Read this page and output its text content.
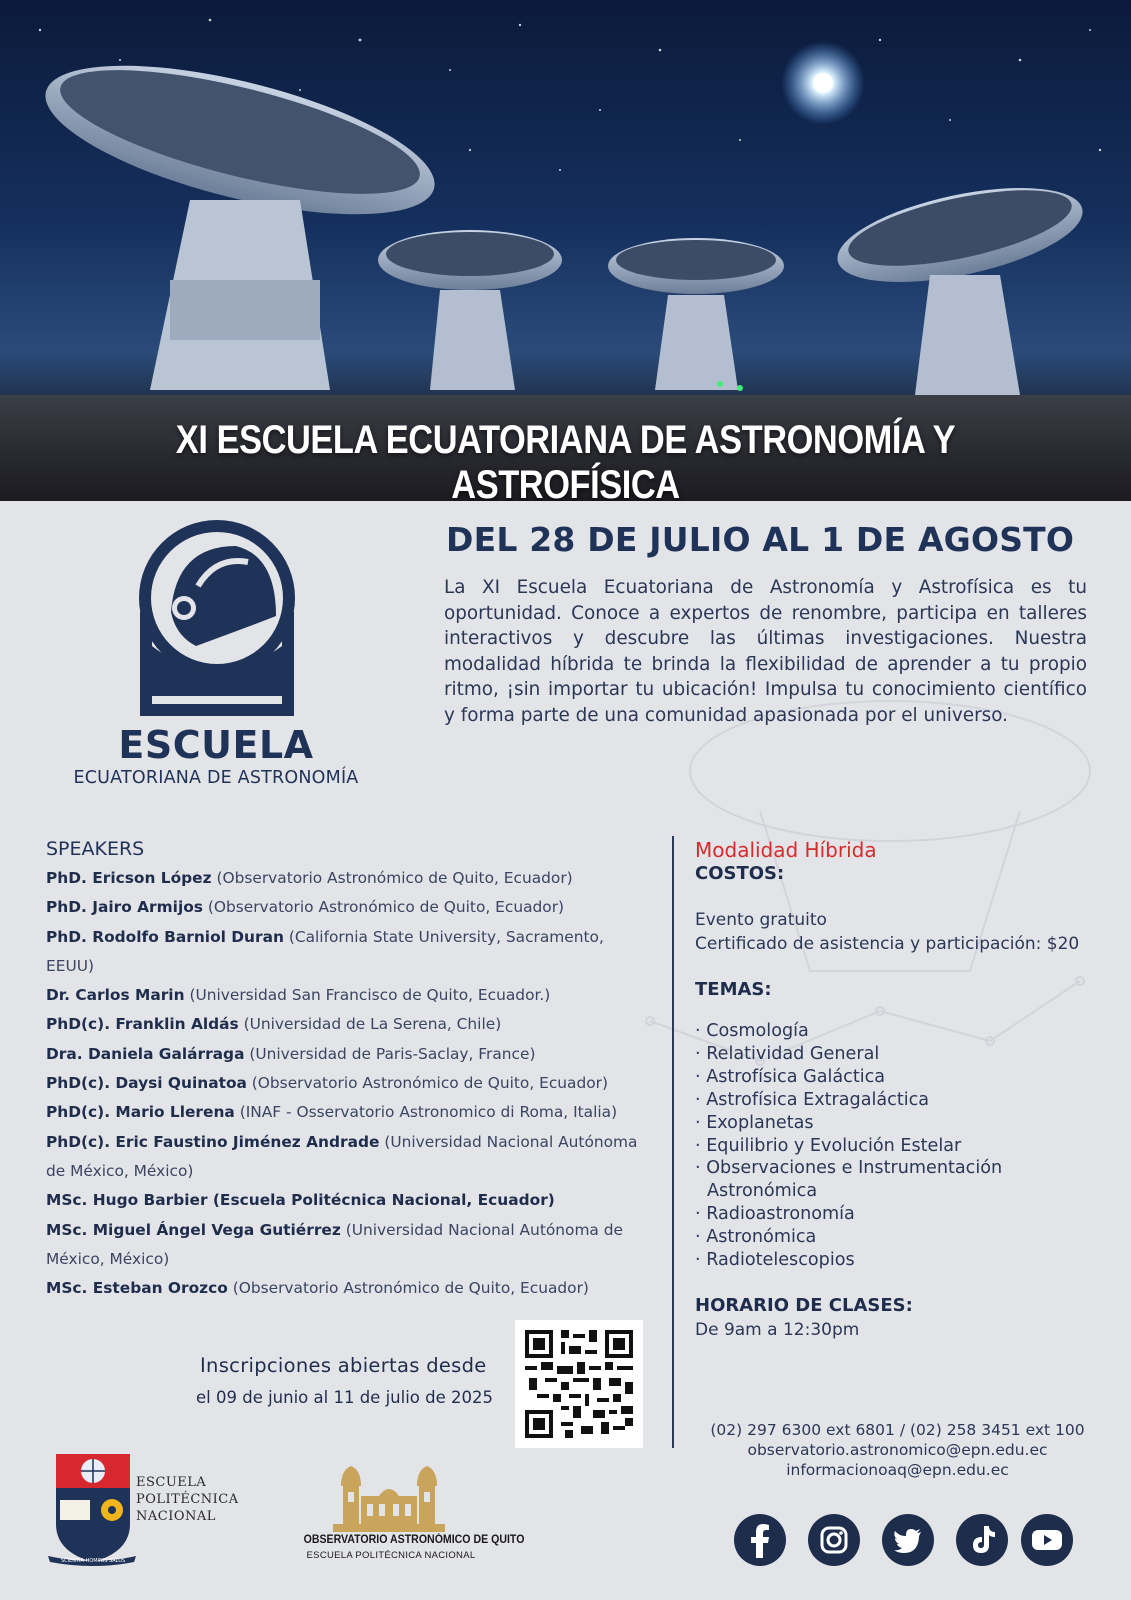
XI ESCUELA ECUATORIANA DE ASTRONOMÍA Y ASTROFÍSICA
ESCUELA
ECUATORIANA DE ASTRONOMÍA
DEL 28 DE JULIO AL 1 DE AGOSTO

La XI Escuela Ecuatoriana de Astronomía y Astrofísica es tu oportunidad. Conoce a expertos de renombre, participa en talleres interactivos y descubre las últimas investigaciones. Nuestra modalidad híbrida te brinda la flexibilidad de aprender a tu propio ritmo, ¡sin importar tu ubicación! Impulsa tu conocimiento científico y forma parte de una comunidad apasionada por el universo.

SPEAKERS
PhD. Ericson López (Observatorio Astronómico de Quito, Ecuador)
PhD. Jairo Armijos (Observatorio Astronómico de Quito, Ecuador)
PhD. Rodolfo Barniol Duran (California State University, Sacramento, EEUU)
Dr. Carlos Marin (Universidad San Francisco de Quito, Ecuador.)
PhD(c). Franklin Aldás (Universidad de La Serena, Chile)
Dra. Daniela Galárraga (Universidad de Paris-Saclay, France)
PhD(c). Daysi Quinatoa (Observatorio Astronómico de Quito, Ecuador)
PhD(c). Mario Llerena (INAF - Osservatorio Astronomico di Roma, Italia)
PhD(c). Eric Faustino Jiménez Andrade (Universidad Nacional Autónoma de México, México)
MSc. Hugo Barbier (Escuela Politécnica Nacional, Ecuador)
MSc. Miguel Ángel Vega Gutiérrez (Universidad Nacional Autónoma de México, México)
MSc. Esteban Orozco (Observatorio Astronómico de Quito, Ecuador)
Modalidad Híbrida
COSTOS:
Evento gratuito
Certificado de asistencia y participación: $20
TEMAS:
· Cosmología
· Relatividad General
· Astrofísica Galáctica
· Astrofísica Extragaláctica
· Exoplanetas
· Equilibrio y Evolución Estelar
· Observaciones e Instrumentación Astronómica
· Radioastronomía
· Astronómica
· Radiotelescopios
HORARIO DE CLASES:
De 9am a 12:30pm
Inscripciones abiertas desde
el 09 de junio al 11 de julio de 2025
(02) 297 6300 ext 6801 / (02) 258 3451 ext 100
observatorio.astronomico@epn.edu.ec
informacionoaq@epn.edu.ec
SCIENTIA HOMINIS SALUS
ESCUELA
POLITÉCNICA
NACIONAL
OBSERVATORIO ASTRONÓMICO DE QUITO
ESCUELA POLITÉCNICA NACIONAL
